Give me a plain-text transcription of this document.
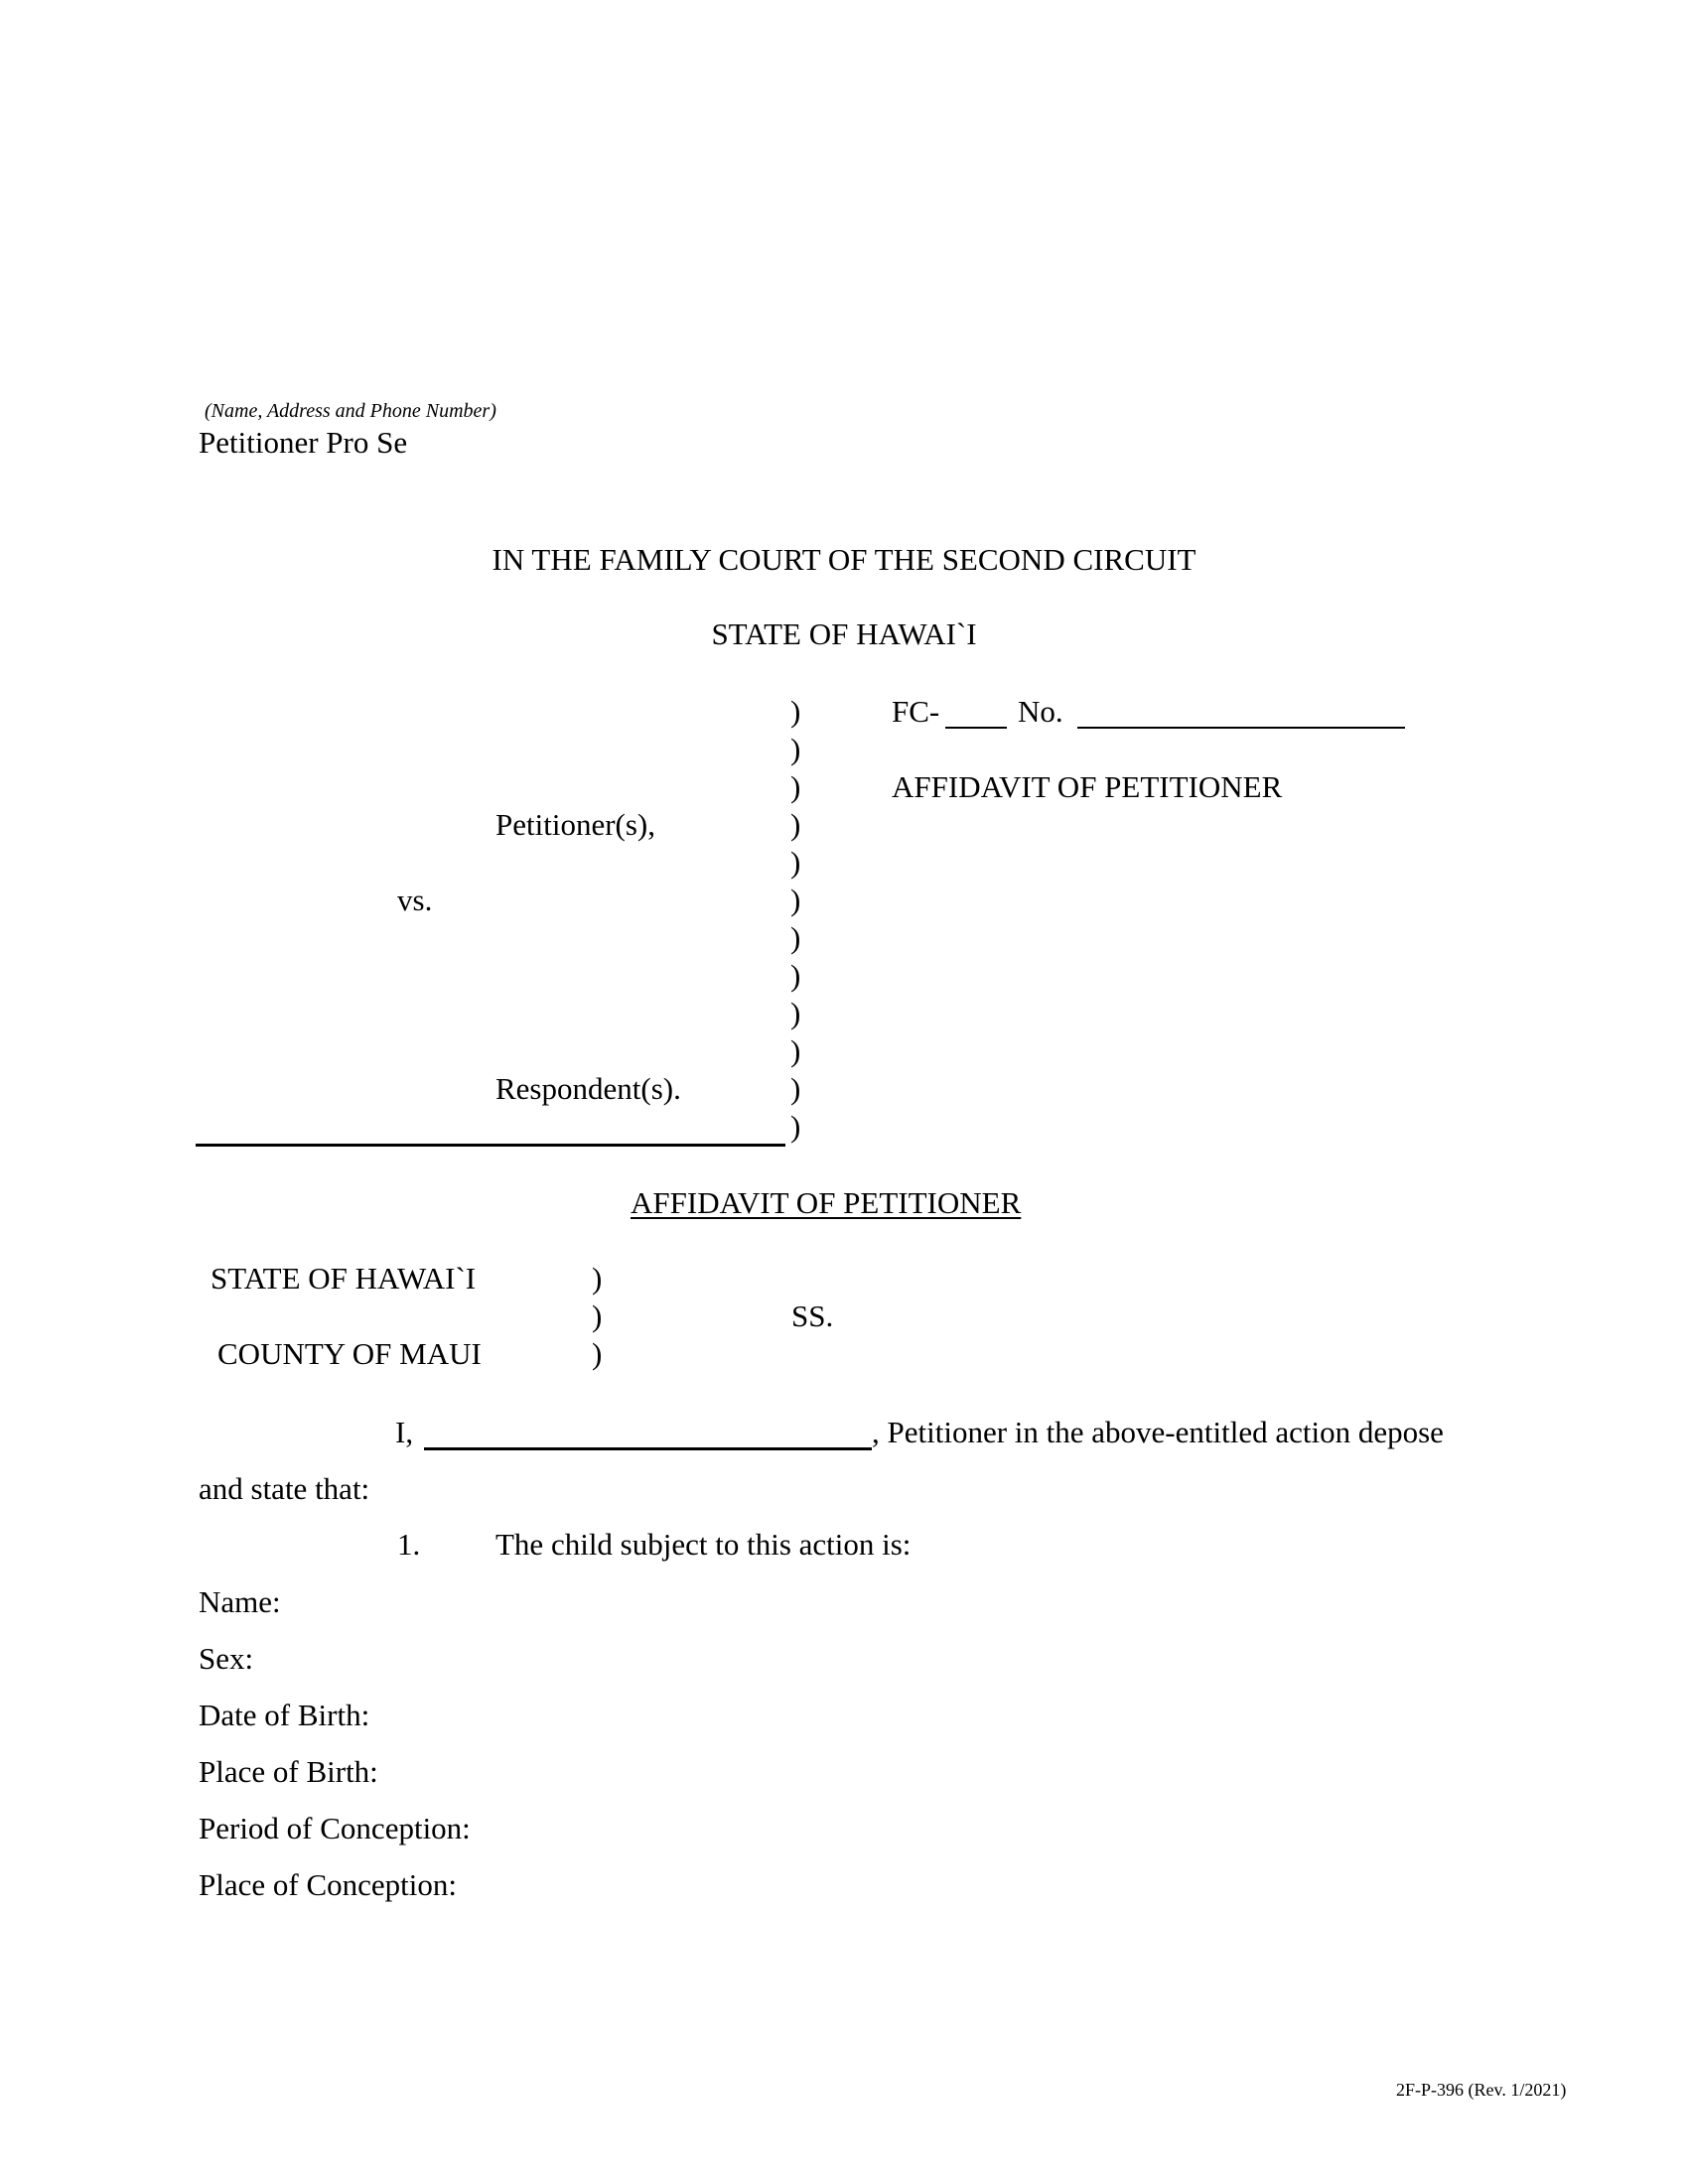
(Name, Address and Phone Number)
Petitioner Pro Se
IN THE FAMILY COURT OF THE SECOND CIRCUIT
STATE OF HAWAI`I
)
)
)
)
)
)
)
)
)
)
)
)
Petitioner(s),
vs.
Respondent(s).
FC-	No.
AFFIDAVIT OF PETITIONER
AFFIDAVIT OF PETITIONER
STATE OF HAWAI`I
COUNTY OF MAUI
)
)
)
SS.
I,	, Petitioner in the above-entitled action depose
and state that:
1. The child subject to this action is:
Name:
Sex:
Date of Birth:
Place of Birth:
Period of Conception:
Place of Conception:
2F-P-396 (Rev. 1/2021)
